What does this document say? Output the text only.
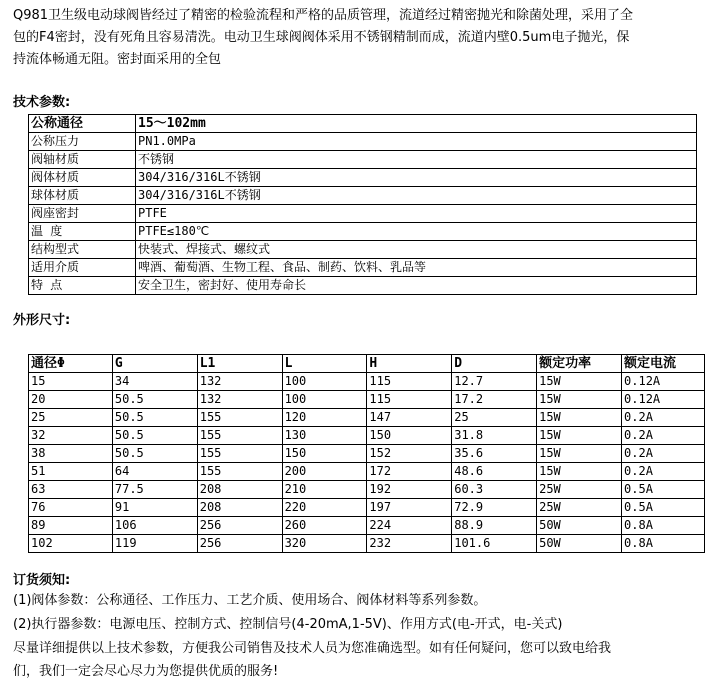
Q981卫生级电动球阀皆经过了精密的检验流程和严格的品质管理，流道经过精密抛光和除菌处理，采用了全

包的F4密封，没有死角且容易清洗。电动卫生球阀阀体采用不锈钢精制而成，流道内壁0.5um电子抛光，保

持流体畅通无阻。密封面采用的全包

技术参数:
公称通径	15～102mm
公称压力	PN1.0MPa
阀轴材质	不锈钢
阀体材质	304/316/316L不锈钢
球体材质	304/316/316L不锈钢
阀座密封	PTFE
温 度	PTFE≤180℃
结构型式	快装式、焊接式、螺纹式
适用介质	啤酒、葡萄酒、生物工程、食品、制药、饮料、乳品等
特 点	安全卫生，密封好、使用寿命长
外形尺寸:
通径Φ	G	L1	L	H	D	额定功率	额定电流
15	34	132	100	115	12.7	15W	0.12A
20	50.5	132	100	115	17.2	15W	0.12A
25	50.5	155	120	147	25	15W	0.2A
32	50.5	155	130	150	31.8	15W	0.2A
38	50.5	155	150	152	35.6	15W	0.2A
51	64	155	200	172	48.6	15W	0.2A
63	77.5	208	210	192	60.3	25W	0.5A
76	91	208	220	197	72.9	25W	0.5A
89	106	256	260	224	88.9	50W	0.8A
102	119	256	320	232	101.6	50W	0.8A
订货须知:
(1)阀体参数：公称通径、工作压力、工艺介质、使用场合、阀体材料等系列参数。
(2)执行器参数：电源电压、控制方式、控制信号(4-20mA,1-5V)、作用方式(电-开式，电-关式)
尽量详细提供以上技术参数，方便我公司销售及技术人员为您准确选型。如有任何疑问，您可以致电给我
们，我们一定会尽心尽力为您提供优质的服务!
